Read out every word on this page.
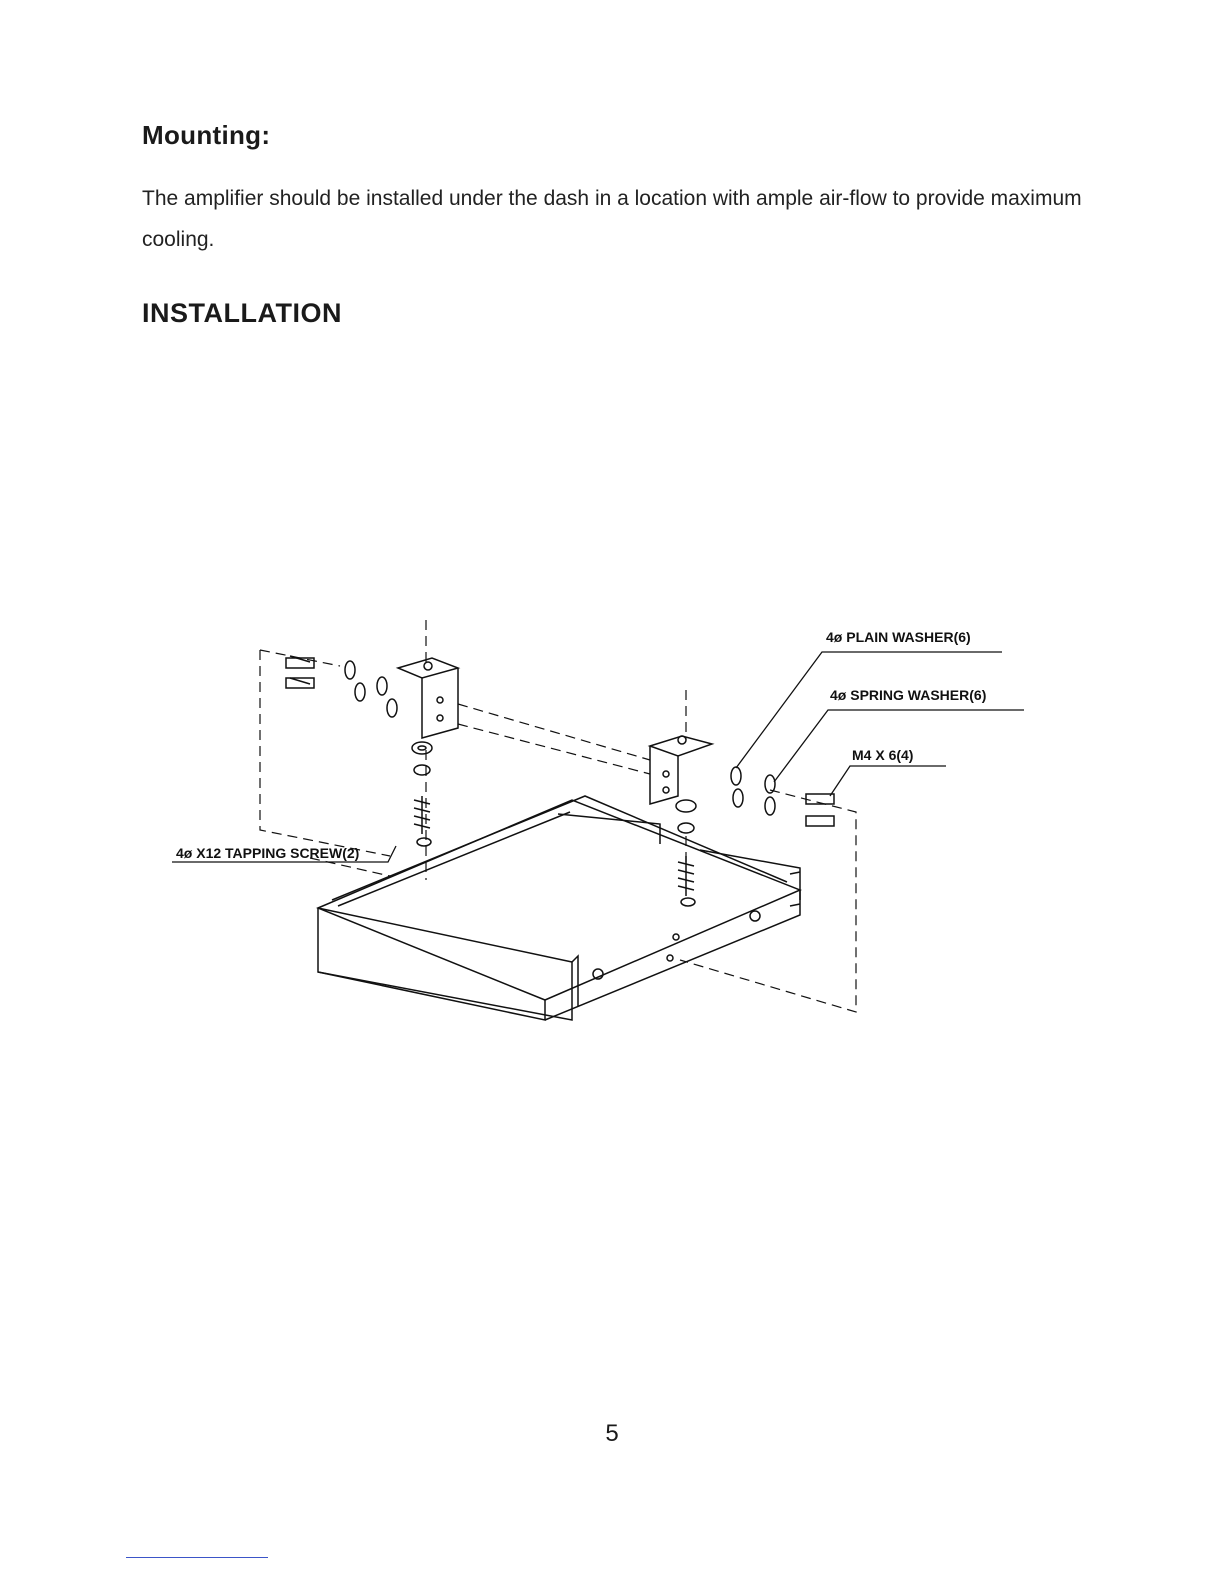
Mounting:

The amplifier should be installed under the dash in a location with ample air-flow to provide maximum cooling.

INSTALLATION
4ø PLAIN WASHER(6)
4ø SPRING WASHER(6)
M4 X 6(4)
4ø X12 TAPPING SCREW(2)

5
